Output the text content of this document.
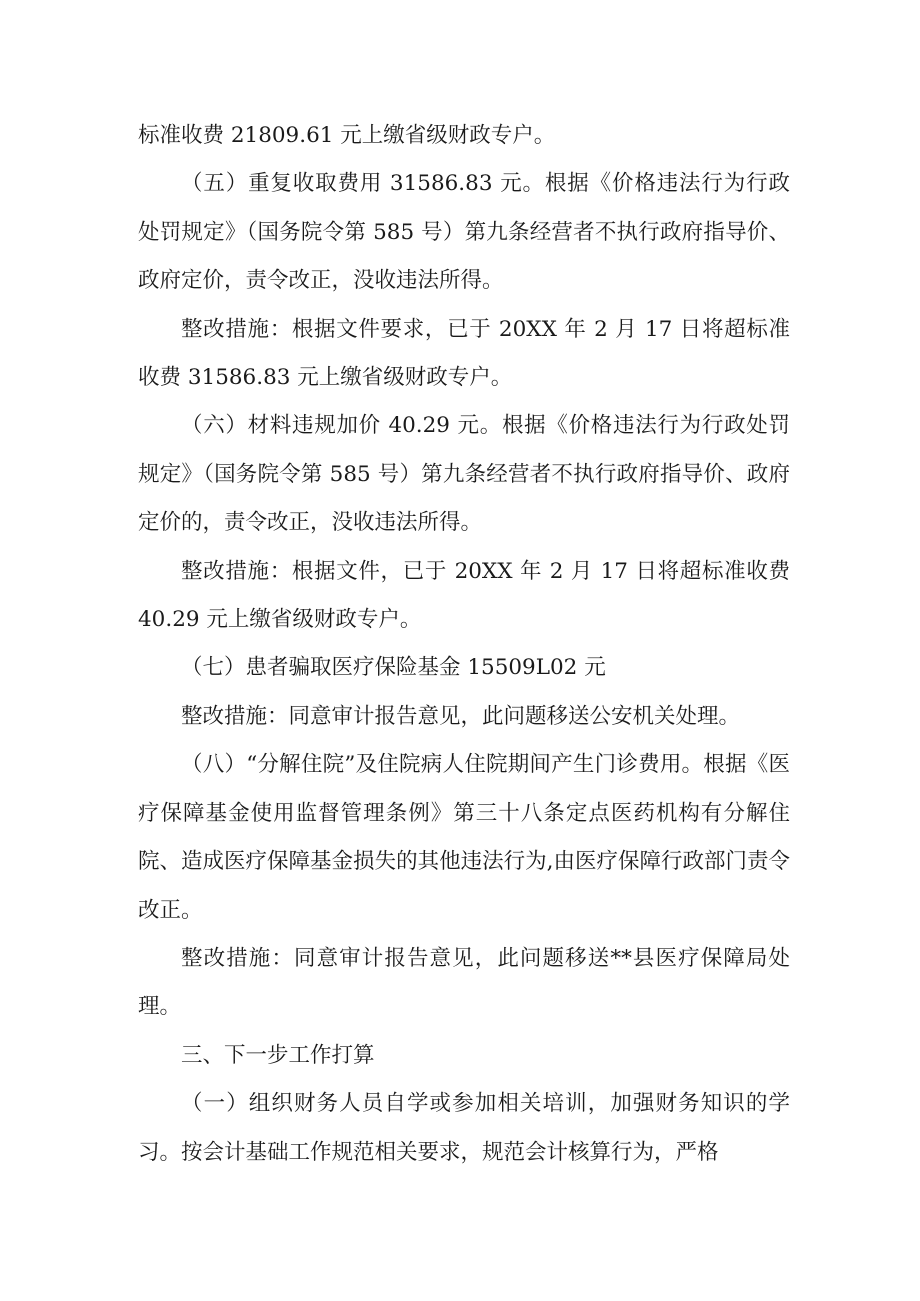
标准收费 21809.61 元上缴省级财政专户。

（五）重复收取费用 31586.83 元。根据《价格违法行为行政处罚规定》（国务院令第 585 号）第九条经营者不执行政府指导价、政府定价，责令改正，没收违法所得。

整改措施：根据文件要求，已于 20XX 年 2 月 17 日将超标准收费 31586.83 元上缴省级财政专户。

（六）材料违规加价 40.29 元。根据《价格违法行为行政处罚规定》（国务院令第 585 号）第九条经营者不执行政府指导价、政府定价的，责令改正，没收违法所得。

整改措施：根据文件，已于 20XX 年 2 月 17 日将超标准收费 40.29 元上缴省级财政专户。

（七）患者骗取医疗保险基金 15509L02 元

整改措施：同意审计报告意见，此问题移送公安机关处理。

（八）“分解住院”及住院病人住院期间产生门诊费用。根据《医疗保障基金使用监督管理条例》第三十八条定点医药机构有分解住院、造成医疗保障基金损失的其他违法行为,由医疗保障行政部门责令改正。

整改措施：同意审计报告意见，此问题移送**县医疗保障局处理。

三、下一步工作打算

（一）组织财务人员自学或参加相关培训，加强财务知识的学习。按会计基础工作规范相关要求，规范会计核算行为，严格
